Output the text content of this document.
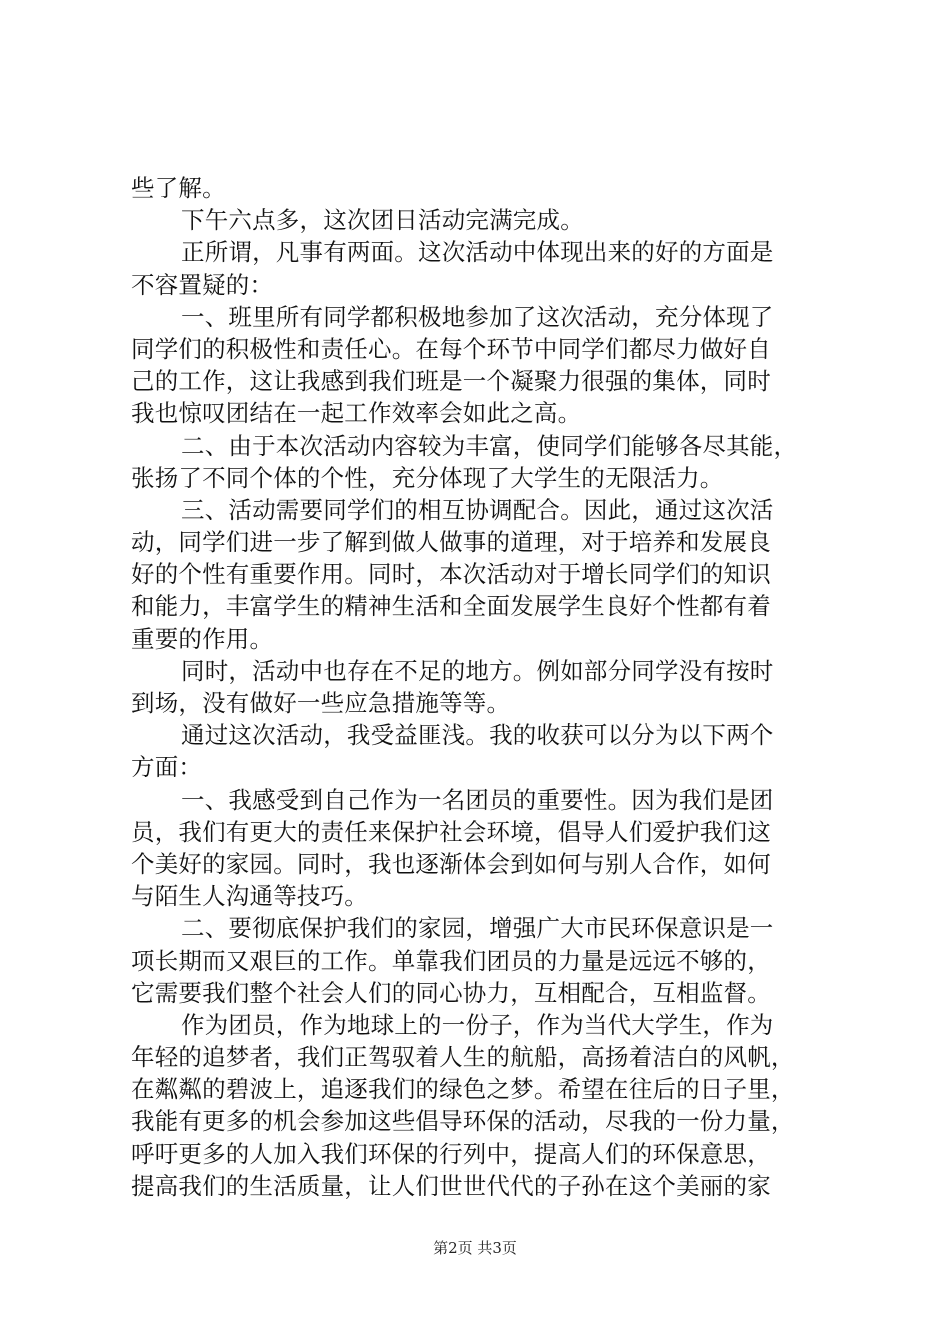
些了解。
下午六点多，这次团日活动完满完成。
正所谓，凡事有两面。这次活动中体现出来的好的方面是
不容置疑的：
一、班里所有同学都积极地参加了这次活动，充分体现了
同学们的积极性和责任心。在每个环节中同学们都尽力做好自
己的工作，这让我感到我们班是一个凝聚力很强的集体，同时
我也惊叹团结在一起工作效率会如此之高。
二、由于本次活动内容较为丰富，使同学们能够各尽其能，
张扬了不同个体的个性，充分体现了大学生的无限活力。
三、活动需要同学们的相互协调配合。因此，通过这次活
动，同学们进一步了解到做人做事的道理，对于培养和发展良
好的个性有重要作用。同时，本次活动对于增长同学们的知识
和能力，丰富学生的精神生活和全面发展学生良好个性都有着
重要的作用。
同时，活动中也存在不足的地方。例如部分同学没有按时
到场，没有做好一些应急措施等等。
通过这次活动，我受益匪浅。我的收获可以分为以下两个
方面：
一、我感受到自己作为一名团员的重要性。因为我们是团
员，我们有更大的责任来保护社会环境，倡导人们爱护我们这
个美好的家园。同时，我也逐渐体会到如何与别人合作，如何
与陌生人沟通等技巧。
二、要彻底保护我们的家园，增强广大市民环保意识是一
项长期而又艰巨的工作。单靠我们团员的力量是远远不够的，
它需要我们整个社会人们的同心协力，互相配合，互相监督。
作为团员，作为地球上的一份子，作为当代大学生，作为
年轻的追梦者，我们正驾驭着人生的航船，高扬着洁白的风帆，
在粼粼的碧波上，追逐我们的绿色之梦。希望在往后的日子里，
我能有更多的机会参加这些倡导环保的活动，尽我的一份力量，
呼吁更多的人加入我们环保的行列中，提高人们的环保意思，
提高我们的生活质量，让人们世世代代的子孙在这个美丽的家
第2页 共3页
